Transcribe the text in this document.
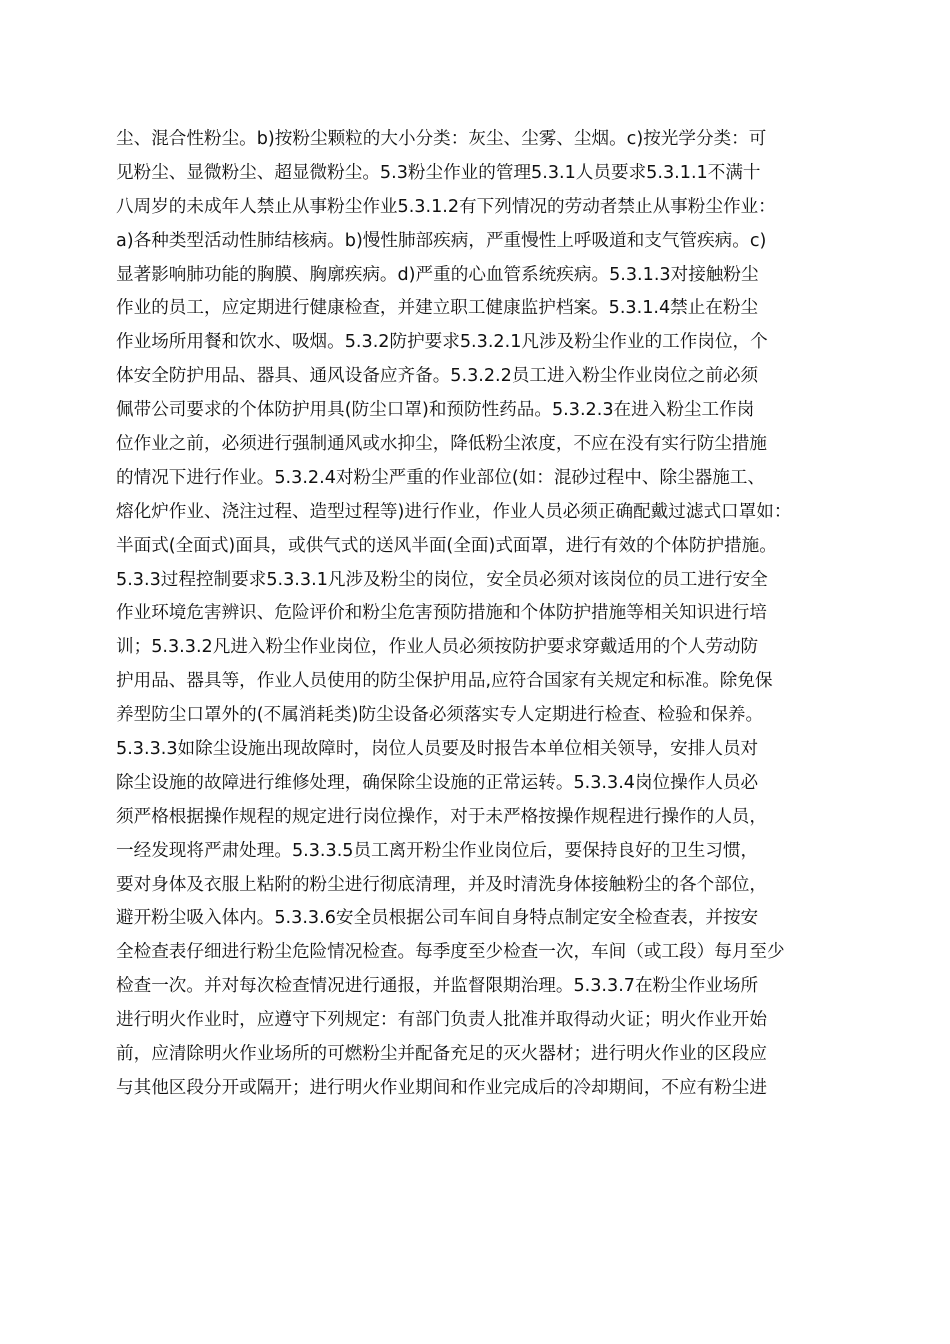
尘、混合性粉尘。b)按粉尘颗粒的大小分类：灰尘、尘雾、尘烟。c)按光学分类：可
见粉尘、显微粉尘、超显微粉尘。5.3粉尘作业的管理5.3.1人员要求5.3.1.1不满十
八周岁的未成年人禁止从事粉尘作业5.3.1.2有下列情况的劳动者禁止从事粉尘作业：
a)各种类型活动性肺结核病。b)慢性肺部疾病，严重慢性上呼吸道和支气管疾病。c)
显著影响肺功能的胸膜、胸廓疾病。d)严重的心血管系统疾病。5.3.1.3对接触粉尘
作业的员工，应定期进行健康检查，并建立职工健康监护档案。5.3.1.4禁止在粉尘
作业场所用餐和饮水、吸烟。5.3.2防护要求5.3.2.1凡涉及粉尘作业的工作岗位，个
体安全防护用品、器具、通风设备应齐备。5.3.2.2员工进入粉尘作业岗位之前必须
佩带公司要求的个体防护用具(防尘口罩)和预防性药品。5.3.2.3在进入粉尘工作岗
位作业之前，必须进行强制通风或水抑尘，降低粉尘浓度，不应在没有实行防尘措施
的情况下进行作业。5.3.2.4对粉尘严重的作业部位(如：混砂过程中、除尘器施工、
熔化炉作业、浇注过程、造型过程等)进行作业，作业人员必须正确配戴过滤式口罩如：
半面式(全面式)面具，或供气式的送风半面(全面)式面罩，进行有效的个体防护措施。
5.3.3过程控制要求5.3.3.1凡涉及粉尘的岗位，安全员必须对该岗位的员工进行安全
作业环境危害辨识、危险评价和粉尘危害预防措施和个体防护措施等相关知识进行培
训；5.3.3.2凡进入粉尘作业岗位，作业人员必须按防护要求穿戴适用的个人劳动防
护用品、器具等，作业人员使用的防尘保护用品,应符合国家有关规定和标准。除免保
养型防尘口罩外的(不属消耗类)防尘设备必须落实专人定期进行检查、检验和保养。
5.3.3.3如除尘设施出现故障时，岗位人员要及时报告本单位相关领导，安排人员对
除尘设施的故障进行维修处理，确保除尘设施的正常运转。5.3.3.4岗位操作人员必
须严格根据操作规程的规定进行岗位操作，对于未严格按操作规程进行操作的人员，
一经发现将严肃处理。5.3.3.5员工离开粉尘作业岗位后，要保持良好的卫生习惯，
要对身体及衣服上粘附的粉尘进行彻底清理，并及时清洗身体接触粉尘的各个部位，
避开粉尘吸入体内。5.3.3.6安全员根据公司车间自身特点制定安全检查表，并按安
全检查表仔细进行粉尘危险情况检查。每季度至少检查一次，车间（或工段）每月至少
检查一次。并对每次检查情况进行通报，并监督限期治理。5.3.3.7在粉尘作业场所
进行明火作业时，应遵守下列规定：有部门负责人批准并取得动火证；明火作业开始
前，应清除明火作业场所的可燃粉尘并配备充足的灭火器材；进行明火作业的区段应
与其他区段分开或隔开；进行明火作业期间和作业完成后的冷却期间，不应有粉尘进
